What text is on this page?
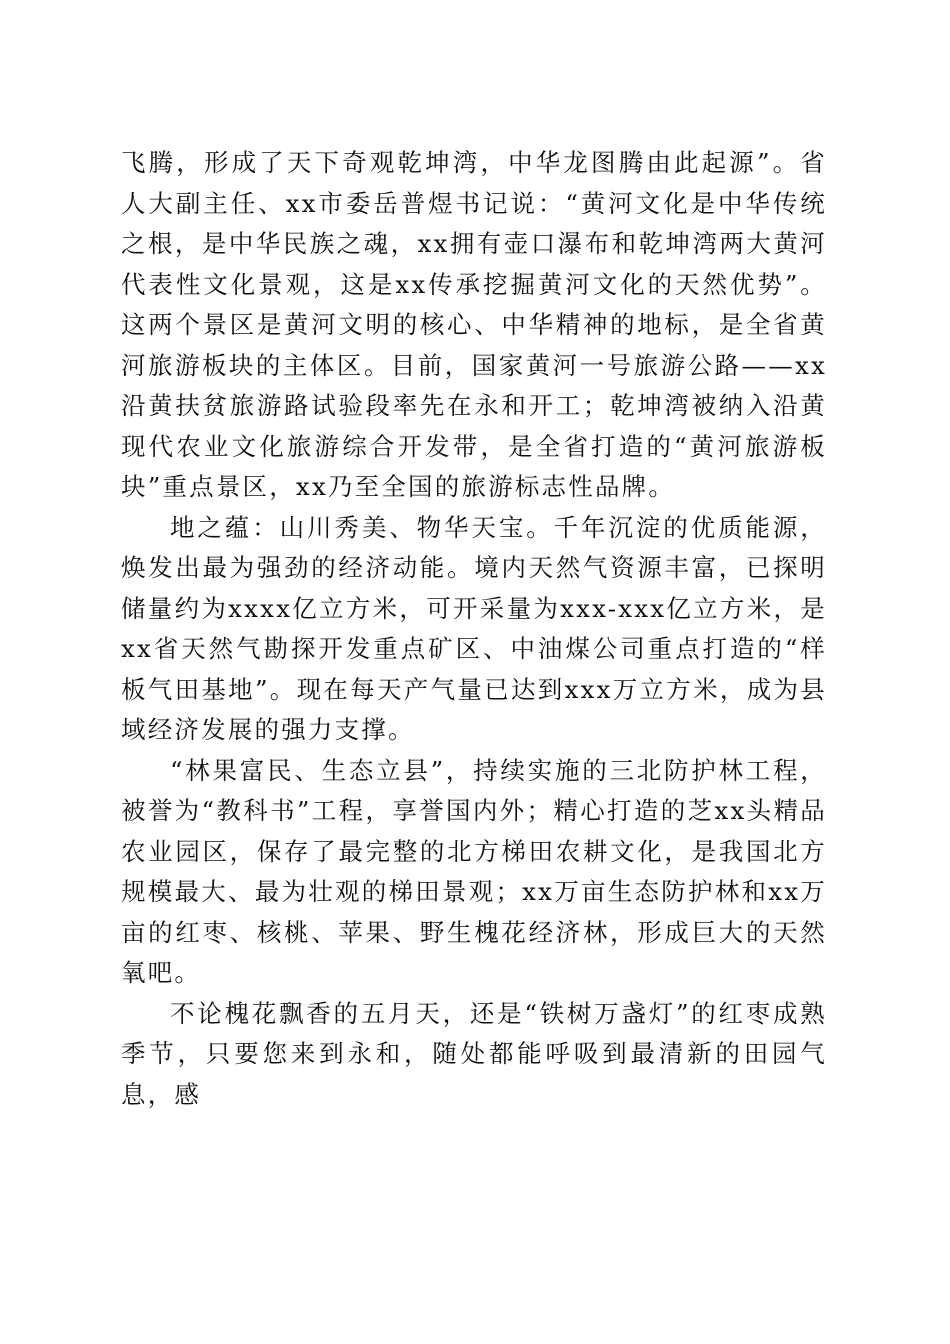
飞腾，形成了天下奇观乾坤湾，中华龙图腾由此起源”。省人大副主任、xx市委岳普煜书记说：“黄河文化是中华传统之根，是中华民族之魂，xx拥有壶口瀑布和乾坤湾两大黄河代表性文化景观，这是xx传承挖掘黄河文化的天然优势”。这两个景区是黄河文明的核心、中华精神的地标，是全省黄河旅游板块的主体区。目前，国家黄河一号旅游公路——xx沿黄扶贫旅游路试验段率先在永和开工；乾坤湾被纳入沿黄现代农业文化旅游综合开发带，是全省打造的“黄河旅游板块”重点景区，xx乃至全国的旅游标志性品牌。

地之蕴：山川秀美、物华天宝。千年沉淀的优质能源，焕发出最为强劲的经济动能。境内天然气资源丰富，已探明储量约为xxxx亿立方米，可开采量为xxx-xxx亿立方米，是xx省天然气勘探开发重点矿区、中油煤公司重点打造的“样板气田基地”。现在每天产气量已达到xxx万立方米，成为县域经济发展的强力支撑。

“林果富民、生态立县”，持续实施的三北防护林工程，被誉为“教科书”工程，享誉国内外；精心打造的芝xx头精品农业园区，保存了最完整的北方梯田农耕文化，是我国北方规模最大、最为壮观的梯田景观；xx万亩生态防护林和xx万亩的红枣、核桃、苹果、野生槐花经济林，形成巨大的天然氧吧。

不论槐花飘香的五月天，还是“铁树万盏灯”的红枣成熟季节，只要您来到永和，随处都能呼吸到最清新的田园气息，感
